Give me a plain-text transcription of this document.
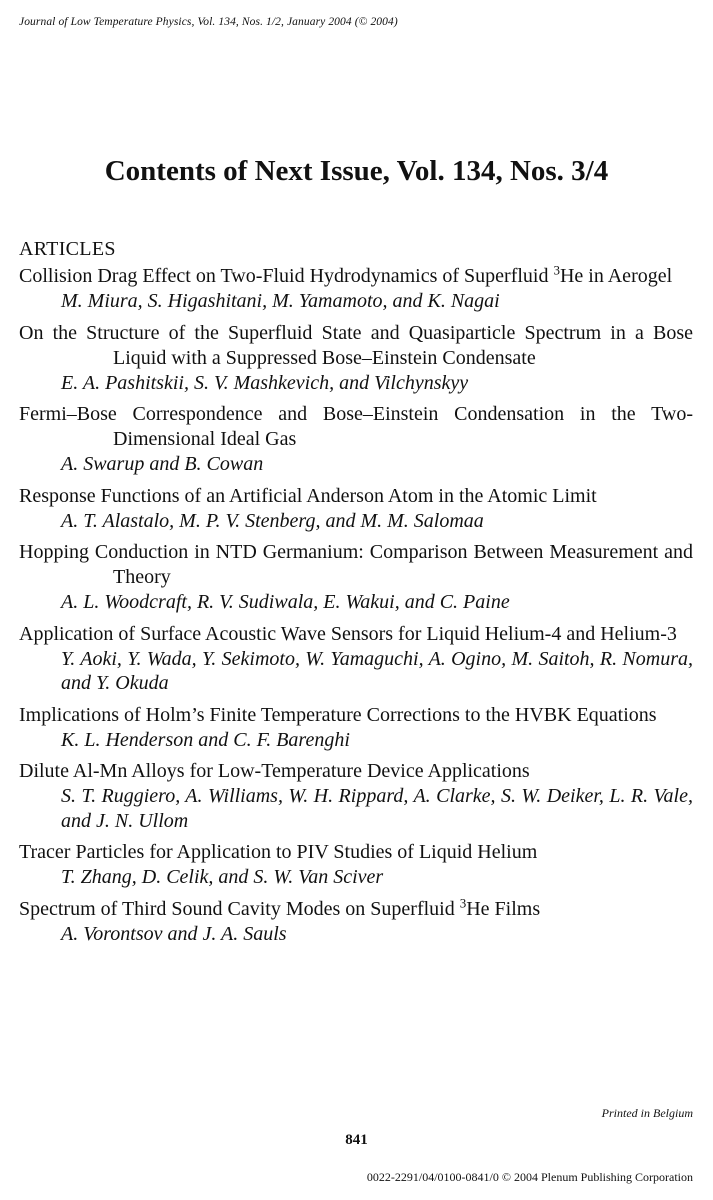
Journal of Low Temperature Physics, Vol. 134, Nos. 1/2, January 2004 (© 2004)
Contents of Next Issue, Vol. 134, Nos. 3/4
ARTICLES
Collision Drag Effect on Two-Fluid Hydrodynamics of Superfluid $^3$He in Aerogel
M. Miura, S. Higashitani, M. Yamamoto, and K. Nagai
On the Structure of the Superfluid State and Quasiparticle Spectrum in a Bose Liquid with a Suppressed Bose–Einstein Condensate
E. A. Pashitskii, S. V. Mashkevich, and Vilchynskyy
Fermi–Bose Correspondence and Bose–Einstein Condensation in the Two-Dimensional Ideal Gas
A. Swarup and B. Cowan
Response Functions of an Artificial Anderson Atom in the Atomic Limit
A. T. Alastalo, M. P. V. Stenberg, and M. M. Salomaa
Hopping Conduction in NTD Germanium: Comparison Between Measurement and Theory
A. L. Woodcraft, R. V. Sudiwala, E. Wakui, and C. Paine
Application of Surface Acoustic Wave Sensors for Liquid Helium-4 and Helium-3
Y. Aoki, Y. Wada, Y. Sekimoto, W. Yamaguchi, A. Ogino, M. Saitoh, R. Nomura, and Y. Okuda
Implications of Holm’s Finite Temperature Corrections to the HVBK Equations
K. L. Henderson and C. F. Barenghi
Dilute Al-Mn Alloys for Low-Temperature Device Applications
S. T. Ruggiero, A. Williams, W. H. Rippard, A. Clarke, S. W. Deiker, L. R. Vale, and J. N. Ullom
Tracer Particles for Application to PIV Studies of Liquid Helium
T. Zhang, D. Celik, and S. W. Van Sciver
Spectrum of Third Sound Cavity Modes on Superfluid $^3$He Films
A. Vorontsov and J. A. Sauls
Printed in Belgium
841
0022-2291/04/0100-0841/0 © 2004 Plenum Publishing Corporation
